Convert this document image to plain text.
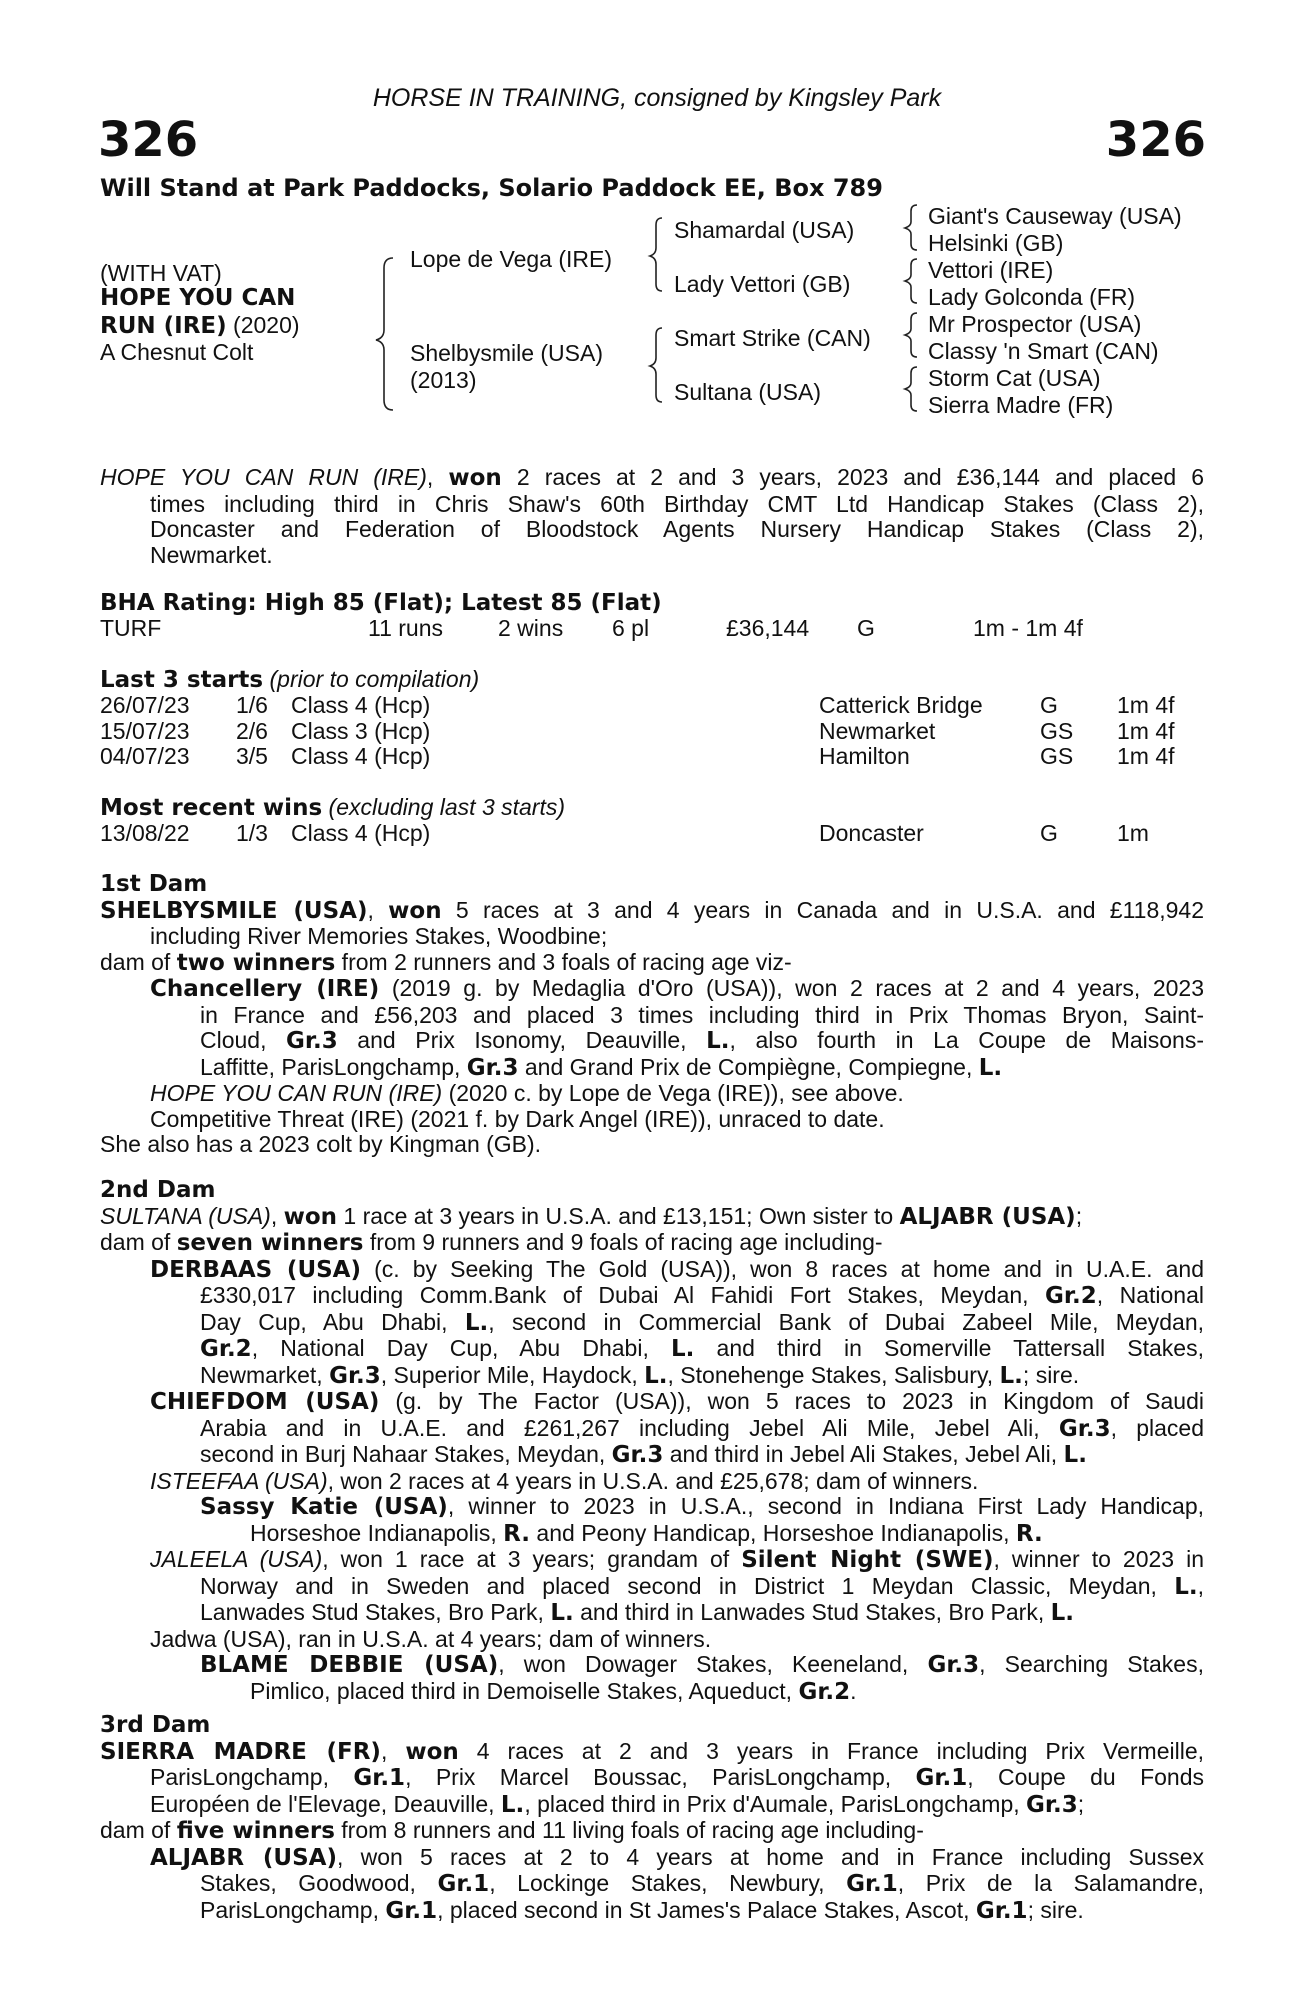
HORSE IN TRAINING, consigned by Kingsley Park
326	326
Will Stand at Park Paddocks, Solario Paddock EE, Box 789
(WITH VAT)
HOPE YOU CAN
RUN (IRE) (2020)
A Chesnut Colt
Lope de Vega (IRE)
Shelbysmile (USA)
(2013)
Shamardal (USA)
Lady Vettori (GB)
Smart Strike (CAN)
Sultana (USA)
Giant's Causeway (USA)
Helsinki (GB)
Vettori (IRE)
Lady Golconda (FR)
Mr Prospector (USA)
Classy 'n Smart (CAN)
Storm Cat (USA)
Sierra Madre (FR)
HOPE YOU CAN RUN (IRE), won 2 races at 2 and 3 years, 2023 and £36,144 and placed 6
times including third in Chris Shaw's 60th Birthday CMT Ltd Handicap Stakes (Class 2),
Doncaster and Federation of Bloodstock Agents Nursery Handicap Stakes (Class 2),
Newmarket.
BHA Rating: High 85 (Flat); Latest 85 (Flat)
TURF	11 runs 2 wins 6 pl	£36,144 G	1m - 1m 4f
Last 3 starts (prior to compilation)
26/07/23 1/6 Class 4 (Hcp)	Catterick Bridge G	1m 4f
15/07/23 2/6 Class 3 (Hcp)	Newmarket	GS 1m 4f
04/07/23 3/5 Class 4 (Hcp)	Hamilton	GS 1m 4f
Most recent wins (excluding last 3 starts)
13/08/22 1/3 Class 4 (Hcp)	Doncaster	G	1m
1st Dam
SHELBYSMILE (USA), won 5 races at 3 and 4 years in Canada and in U.S.A. and £118,942
including River Memories Stakes, Woodbine;
dam of two winners from 2 runners and 3 foals of racing age viz-
Chancellery (IRE) (2019 g. by Medaglia d'Oro (USA)), won 2 races at 2 and 4 years, 2023
in France and £56,203 and placed 3 times including third in Prix Thomas Bryon, Saint-
Cloud, Gr.3 and Prix Isonomy, Deauville, L., also fourth in La Coupe de Maisons-
Laffitte, ParisLongchamp, Gr.3 and Grand Prix de Compiègne, Compiegne, L.
HOPE YOU CAN RUN (IRE) (2020 c. by Lope de Vega (IRE)), see above.
Competitive Threat (IRE) (2021 f. by Dark Angel (IRE)), unraced to date.
She also has a 2023 colt by Kingman (GB).
2nd Dam
SULTANA (USA), won 1 race at 3 years in U.S.A. and £13,151; Own sister to ALJABR (USA);
dam of seven winners from 9 runners and 9 foals of racing age including-
DERBAAS (USA) (c. by Seeking The Gold (USA)), won 8 races at home and in U.A.E. and
£330,017 including Comm.Bank of Dubai Al Fahidi Fort Stakes, Meydan, Gr.2, National
Day Cup, Abu Dhabi, L., second in Commercial Bank of Dubai Zabeel Mile, Meydan,
Gr.2, National Day Cup, Abu Dhabi, L. and third in Somerville Tattersall Stakes,
Newmarket, Gr.3, Superior Mile, Haydock, L., Stonehenge Stakes, Salisbury, L.; sire.
CHIEFDOM (USA) (g. by The Factor (USA)), won 5 races to 2023 in Kingdom of Saudi
Arabia and in U.A.E. and £261,267 including Jebel Ali Mile, Jebel Ali, Gr.3, placed
second in Burj Nahaar Stakes, Meydan, Gr.3 and third in Jebel Ali Stakes, Jebel Ali, L.
ISTEEFAA (USA), won 2 races at 4 years in U.S.A. and £25,678; dam of winners.
Sassy Katie (USA), winner to 2023 in U.S.A., second in Indiana First Lady Handicap,
Horseshoe Indianapolis, R. and Peony Handicap, Horseshoe Indianapolis, R.
JALEELA (USA), won 1 race at 3 years; grandam of Silent Night (SWE), winner to 2023 in
Norway and in Sweden and placed second in District 1 Meydan Classic, Meydan, L.,
Lanwades Stud Stakes, Bro Park, L. and third in Lanwades Stud Stakes, Bro Park, L.
Jadwa (USA), ran in U.S.A. at 4 years; dam of winners.
BLAME DEBBIE (USA), won Dowager Stakes, Keeneland, Gr.3, Searching Stakes,
Pimlico, placed third in Demoiselle Stakes, Aqueduct, Gr.2.
3rd Dam
SIERRA MADRE (FR), won 4 races at 2 and 3 years in France including Prix Vermeille,
ParisLongchamp, Gr.1, Prix Marcel Boussac, ParisLongchamp, Gr.1, Coupe du Fonds
Européen de l'Elevage, Deauville, L., placed third in Prix d'Aumale, ParisLongchamp, Gr.3;
dam of five winners from 8 runners and 11 living foals of racing age including-
ALJABR (USA), won 5 races at 2 to 4 years at home and in France including Sussex
Stakes, Goodwood, Gr.1, Lockinge Stakes, Newbury, Gr.1, Prix de la Salamandre,
ParisLongchamp, Gr.1, placed second in St James's Palace Stakes, Ascot, Gr.1; sire.
